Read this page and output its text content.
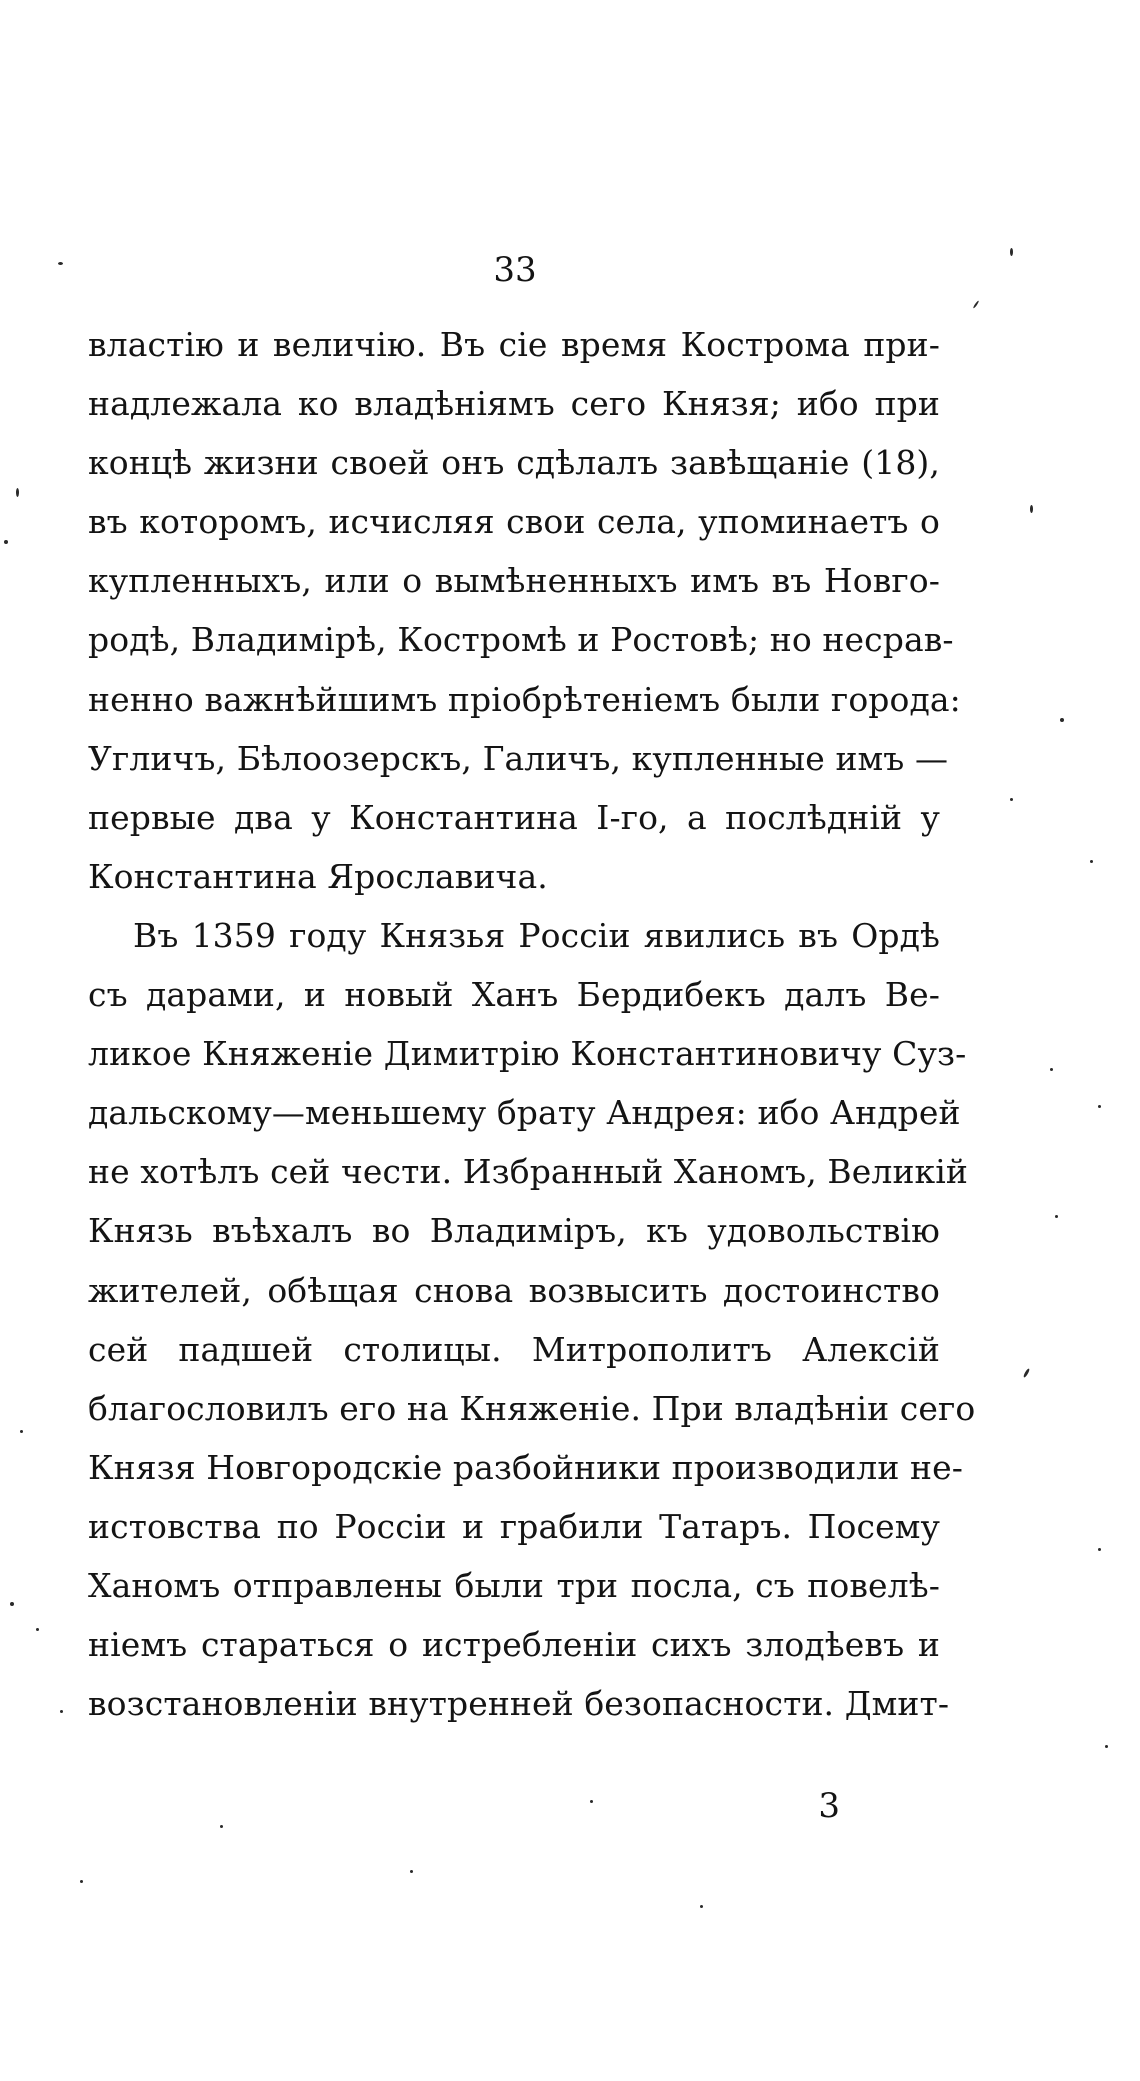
33
властію и величію. Въ сіе время Кострома при-
надлежала ко владѣніямъ сего Князя; ибо при
концѣ жизни своей онъ сдѣлалъ завѣщаніе (18),
въ которомъ, исчисляя свои села, упоминаетъ о
купленныхъ, или о вымѣненныхъ имъ въ Новго-
родѣ, Владимірѣ, Костромѣ и Ростовѣ; но несрав-
ненно важнѣйшимъ пріобрѣтеніемъ были города:
Угличъ, Бѣлоозерскъ, Галичъ, купленные имъ —
первые два у Константина I-го, а послѣдній у
Константина Ярославича.
Въ 1359 году Князья Россіи явились въ Ордѣ
съ дарами, и новый Ханъ Бердибекъ далъ Ве-
ликое Княженіе Димитрію Константиновичу Суз-
дальскому—меньшему брату Андрея: ибо Андрей
не хотѣлъ сей чести. Избранный Ханомъ, Великій
Князь въѣхалъ во Владиміръ, къ удовольствію
жителей, обѣщая снова возвысить достоинство
сей падшей столицы. Митрополитъ Алексій
благословилъ его на Княженіе. При владѣніи сего
Князя Новгородскіе разбойники производили не-
истовства по Россіи и грабили Татаръ. Посему
Ханомъ отправлены были три посла, съ повелѣ-
ніемъ стараться о истребленіи сихъ злодѣевъ и
возстановленіи внутренней безопасности. Дмит-
3
